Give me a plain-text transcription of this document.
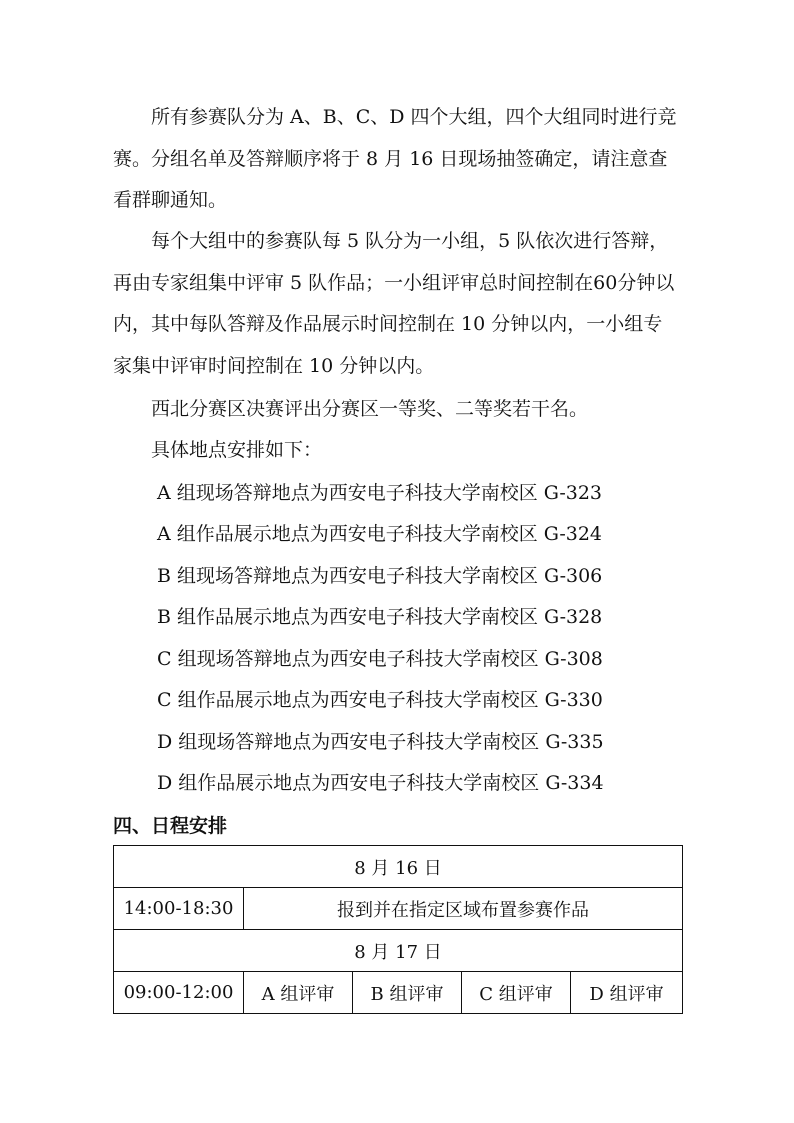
所有参赛队分为 A、B、C、D 四个大组，四个大组同时进行竞赛。分组名单及答辩顺序将于 8 月 16 日现场抽签确定，请注意查看群聊通知。

每个大组中的参赛队每 5 队分为一小组，5 队依次进行答辩，再由专家组集中评审 5 队作品；一小组评审总时间控制在60分钟以内，其中每队答辩及作品展示时间控制在 10 分钟以内，一小组专家集中评审时间控制在 10 分钟以内。

西北分赛区决赛评出分赛区一等奖、二等奖若干名。

具体地点安排如下：

A 组现场答辩地点为西安电子科技大学南校区 G-323
A 组作品展示地点为西安电子科技大学南校区 G-324
B 组现场答辩地点为西安电子科技大学南校区 G-306
B 组作品展示地点为西安电子科技大学南校区 G-328
C 组现场答辩地点为西安电子科技大学南校区 G-308
C 组作品展示地点为西安电子科技大学南校区 G-330
D 组现场答辩地点为西安电子科技大学南校区 G-335
D 组作品展示地点为西安电子科技大学南校区 G-334
四、日程安排
8 月 16 日				
14:00-18:30	报到并在指定区域布置参赛作品			
8 月 17 日				
09:00-12:00	A 组评审	B 组评审	C 组评审	D 组评审
